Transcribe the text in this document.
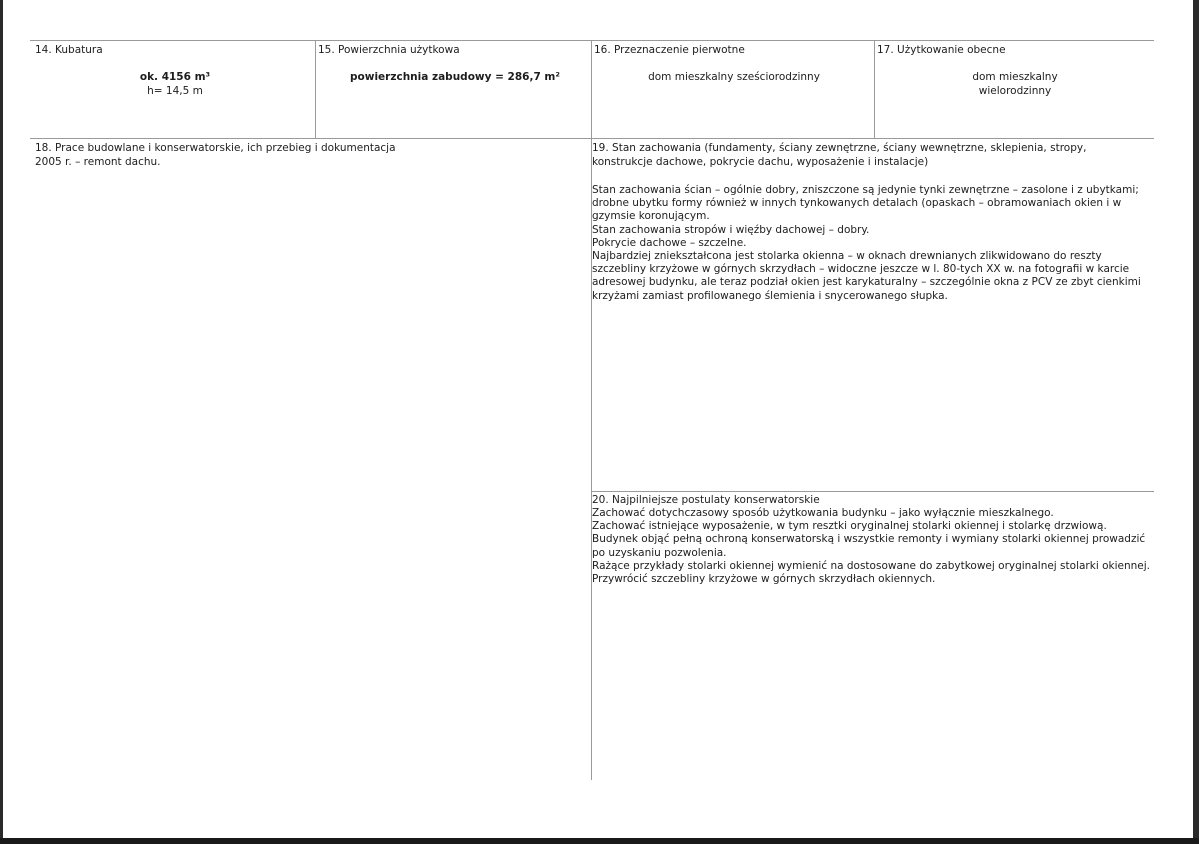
14. Kubatura
ok. 4156 m³
h= 14,5 m
15. Powierzchnia użytkowa
powierzchnia zabudowy = 286,7 m²
16. Przeznaczenie pierwotne
dom mieszkalny sześciorodzinny
17. Użytkowanie obecne
dom mieszkalny
wielorodzinny
18. Prace budowlane i konserwatorskie, ich przebieg i dokumentacja
2005 r. – remont dachu.
19. Stan zachowania (fundamenty, ściany zewnętrzne, ściany wewnętrzne, sklepienia, stropy,
konstrukcje dachowe, pokrycie dachu, wyposażenie i instalacje)
Stan zachowania ścian – ogólnie dobry, zniszczone są jedynie tynki zewnętrzne – zasolone i z ubytkami;
drobne ubytku formy również w innych tynkowanych detalach (opaskach – obramowaniach okien i w
gzymsie koronującym.
Stan zachowania stropów i więźby dachowej – dobry.
Pokrycie dachowe – szczelne.
Najbardziej zniekształcona jest stolarka okienna – w oknach drewnianych zlikwidowano do reszty
szczebliny krzyżowe w górnych skrzydłach – widoczne jeszcze w l. 80-tych XX w. na fotografii w karcie
adresowej budynku, ale teraz podział okien jest karykaturalny – szczególnie okna z PCV ze zbyt cienkimi
krzyżami zamiast profilowanego ślemienia i snycerowanego słupka.
20. Najpilniejsze postulaty konserwatorskie
Zachować dotychczasowy sposób użytkowania budynku – jako wyłącznie mieszkalnego.
Zachować istniejące wyposażenie, w tym resztki oryginalnej stolarki okiennej i stolarkę drzwiową.
Budynek objąć pełną ochroną konserwatorską i wszystkie remonty i wymiany stolarki okiennej prowadzić
po uzyskaniu pozwolenia.
Rażące przykłady stolarki okiennej wymienić na dostosowane do zabytkowej oryginalnej stolarki okiennej.
Przywrócić szczebliny krzyżowe w górnych skrzydłach okiennych.
